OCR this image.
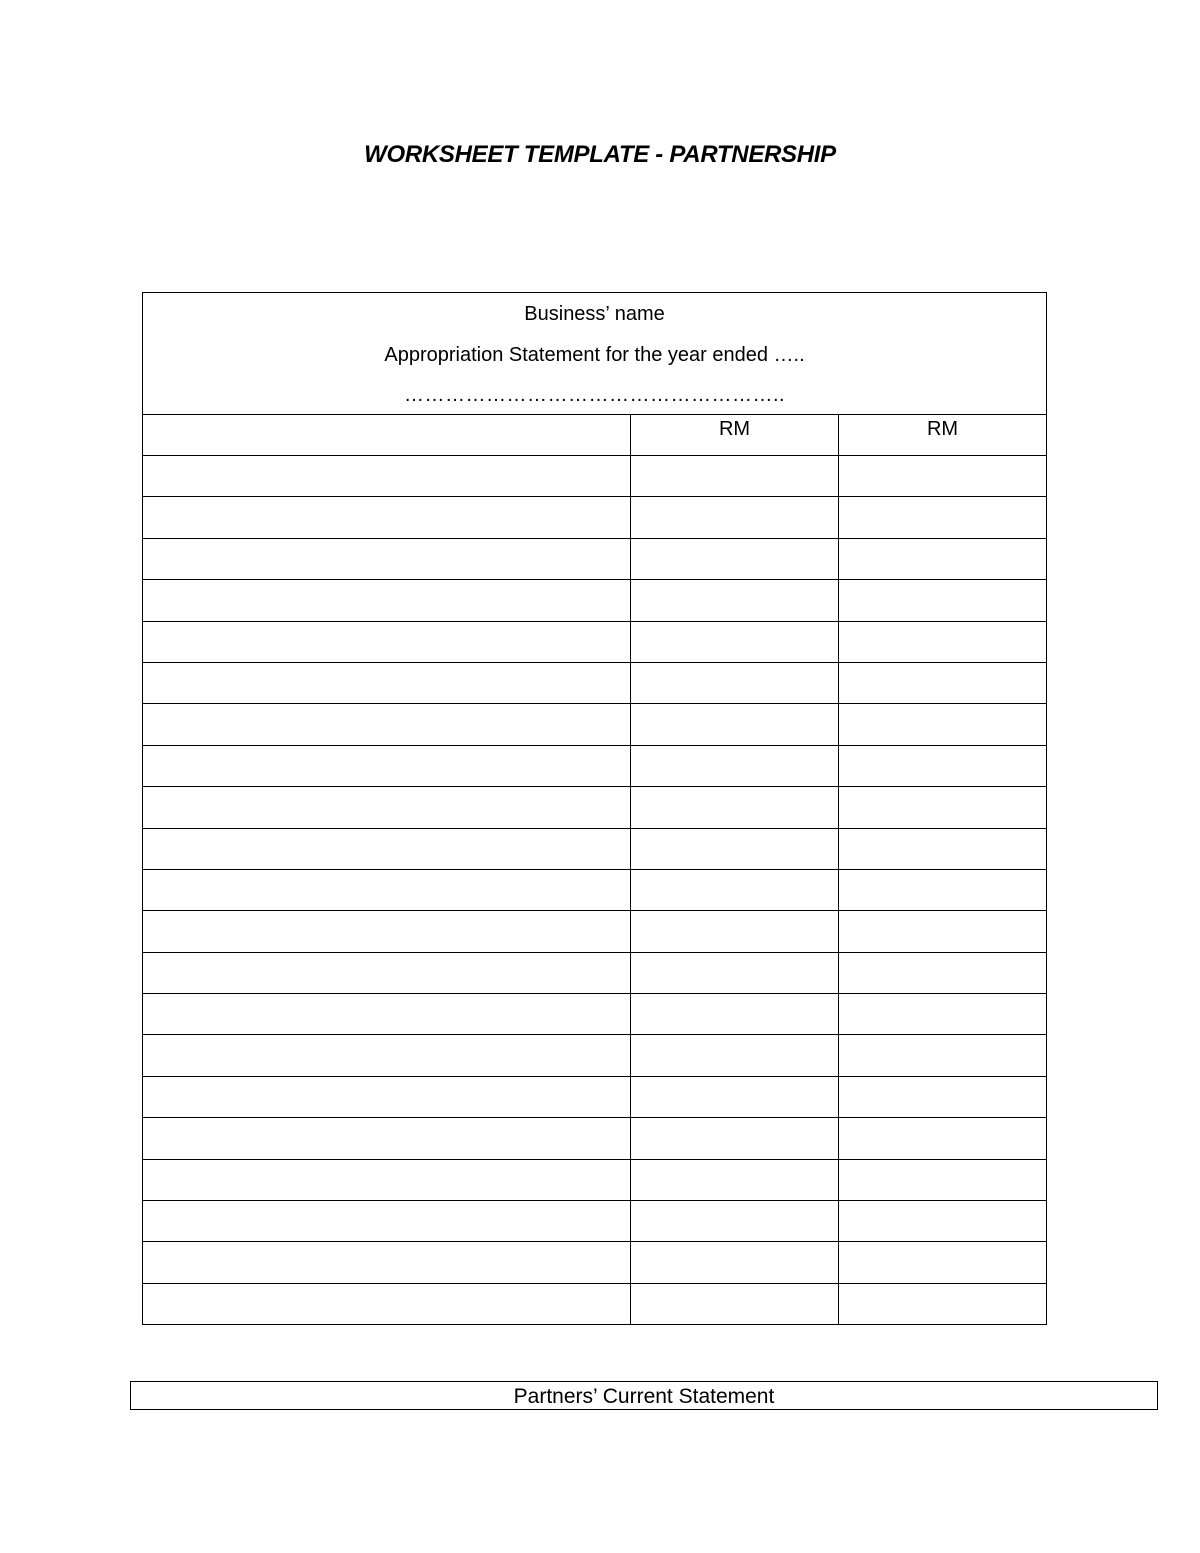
WORKSHEET TEMPLATE - PARTNERSHIP
Business’ name
Appropriation Statement for the year ended …..
………………………………………………..		

	RM	RM

Partners’ Current Statement
